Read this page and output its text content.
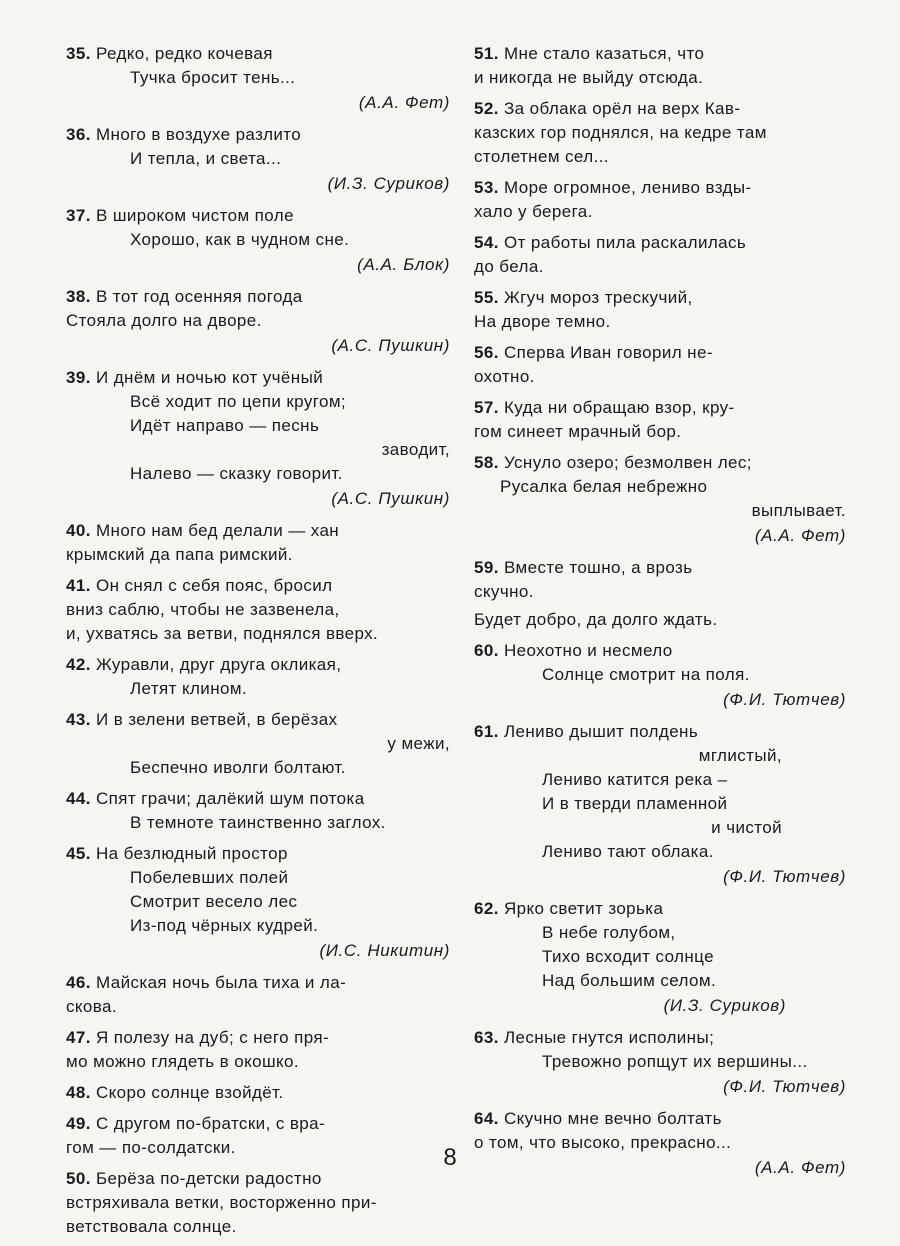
35. Редко, редко кочевая
Тучка бросит тень...
(А.А. Фет)
36. Много в воздухе разлито
И тепла, и света...
(И.З. Суриков)
37. В широком чистом поле
Хорошо, как в чудном сне.
(А.А. Блок)
38. В тот год осенняя погода
Стояла долго на дворе.
(А.С. Пушкин)
39. И днём и ночью кот учёный
Всё ходит по цепи кругом;
Идёт направо — песнь
заводит,
Налево — сказку говорит.
(А.С. Пушкин)
40. Много нам бед делали — хан
крымский да папа римский.
41. Он снял с себя пояс, бросил
вниз саблю, чтобы не зазвенела,
и, ухватясь за ветви, поднялся вверх.
42. Журавли, друг друга окликая,
Летят клином.
43. И в зелени ветвей, в берёзах
у межи,
Беспечно иволги болтают.
44. Спят грачи; далёкий шум потока
В темноте таинственно заглох.
45. На безлюдный простор
Побелевших полей
Смотрит весело лес
Из-под чёрных кудрей.
(И.С. Никитин)
46. Майская ночь была тиха и ла-
скова.
47. Я полезу на дуб; с него пря-
мо можно глядеть в окошко.
48. Скоро солнце взойдёт.
49. С другом по-братски, с вра-
гом — по-солдатски.
50. Берёза по-детски радостно
встряхивала ветки, восторженно при-
ветствовала солнце.
51. Мне стало казаться, что
и никогда не выйду отсюда.
52. За облака орёл на верх Кав-
казских гор поднялся, на кедре там
столетнем сел...
53. Море огромное, лениво взды-
хало у берега.
54. От работы пила раскалилась
до бела.
55. Жгуч мороз трескучий,
На дворе темно.
56. Сперва Иван говорил не-
охотно.
57. Куда ни обращаю взор, кру-
гом синеет мрачный бор.
58. Уснуло озеро; безмолвен лес;
Русалка белая небрежно
выплывает.
(А.А. Фет)
59. Вместе тошно, а врозь
скучно.
Будет добро, да долго ждать.
60. Неохотно и несмело
Солнце смотрит на поля.
(Ф.И. Тютчев)
61. Лениво дышит полдень
мглистый,
Лениво катится река –
И в тверди пламенной
и чистой
Лениво тают облака.
(Ф.И. Тютчев)
62. Ярко светит зорька
В небе голубом,
Тихо всходит солнце
Над большим селом.
(И.З. Суриков)
63. Лесные гнутся исполины;
Тревожно ропщут их вершины...
(Ф.И. Тютчев)
64. Скучно мне вечно болтать
о том, что высоко, прекрасно...
(А.А. Фет)
8
